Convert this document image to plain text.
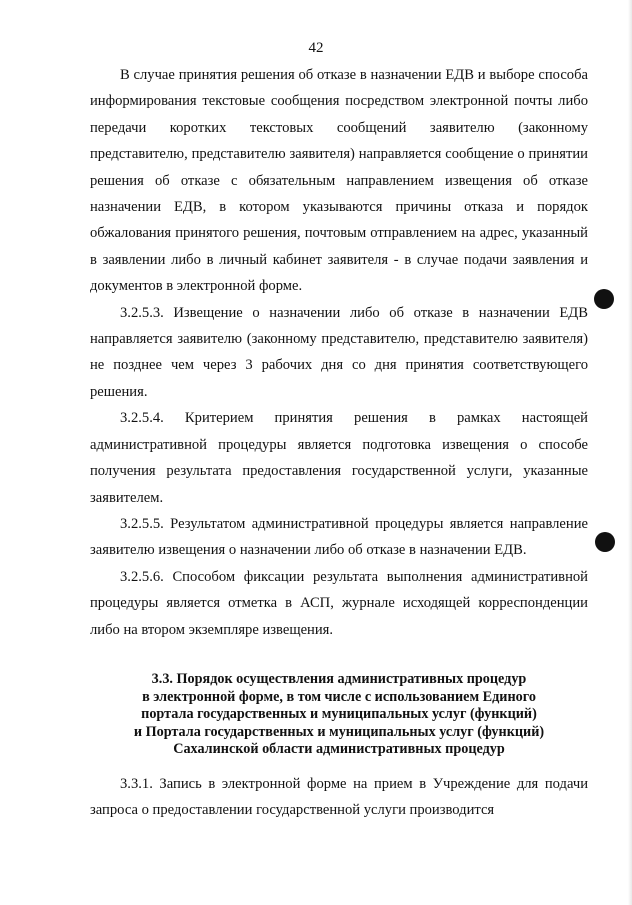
42

В случае принятия решения об отказе в назначении ЕДВ и выборе способа информирования текстовые сообщения посредством электронной почты либо передачи коротких текстовых сообщений заявителю (законному представителю, представителю заявителя) направляется сообщение о принятии решения об отказе с обязательным направлением извещения об отказе назначении ЕДВ, в котором указываются причины отказа и порядок обжалования принятого решения, почтовым отправлением на адрес, указанный в заявлении либо в личный кабинет заявителя - в случае подачи заявления и документов в электронной форме.

3.2.5.3. Извещение о назначении либо об отказе в назначении ЕДВ направляется заявителю (законному представителю, представителю заявителя) не позднее чем через 3 рабочих дня со дня принятия соответствующего решения.

3.2.5.4. Критерием принятия решения в рамках настоящей административной процедуры является подготовка извещения о способе получения результата предоставления государственной услуги, указанные заявителем.

3.2.5.5. Результатом административной процедуры является направление заявителю извещения о назначении либо об отказе в назначении ЕДВ.

3.2.5.6. Способом фиксации результата выполнения административной процедуры является отметка в АСП, журнале исходящей корреспонденции либо на втором экземпляре извещения.

3.3. Порядок осуществления административных процедур
в электронной форме, в том числе с использованием Единого
портала государственных и муниципальных услуг (функций)
и Портала государственных и муниципальных услуг (функций)
Сахалинской области административных процедур

3.3.1. Запись в электронной форме на прием в Учреждение для подачи запроса о предоставлении государственной услуги производится
